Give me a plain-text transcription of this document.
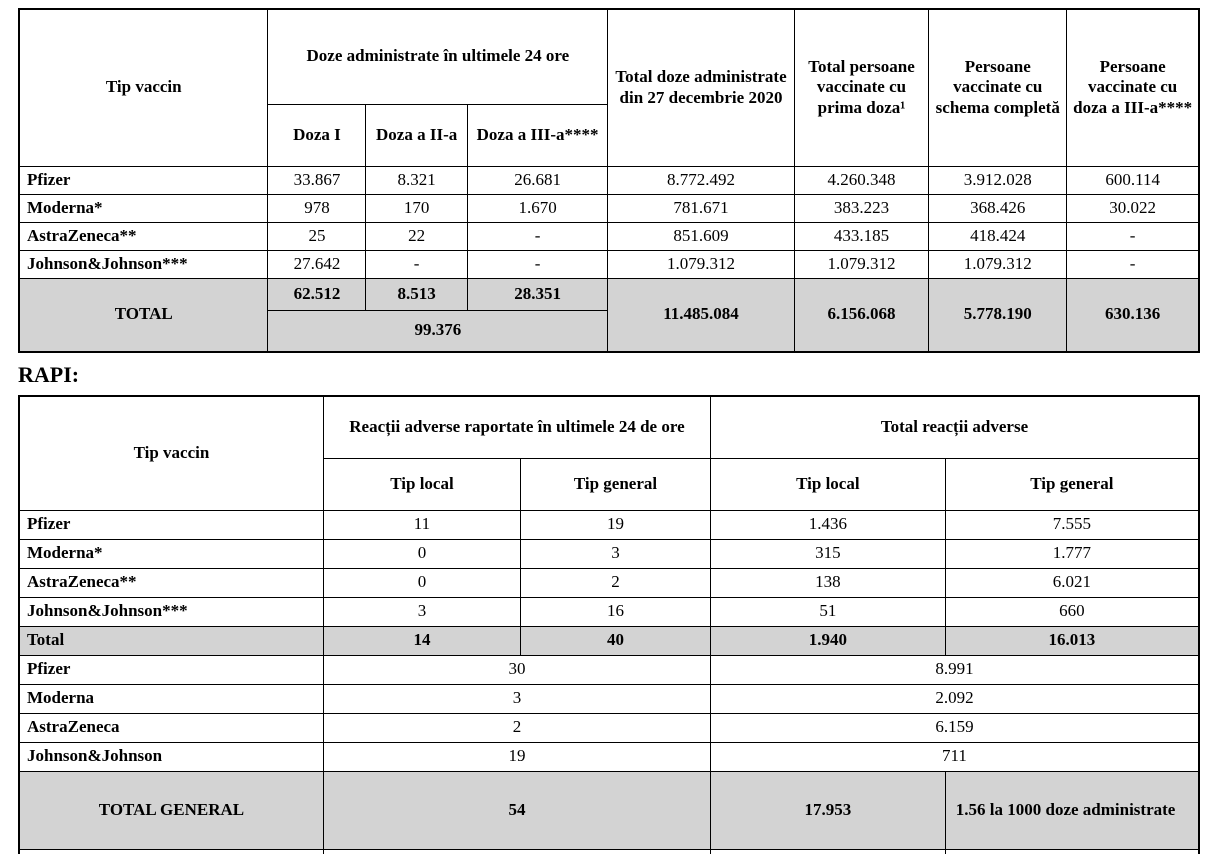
Tip vaccin	Doze administrate în ultimele 24 ore			Total doze administrate din 27 decembrie 2020	Total persoane vaccinate cu prima doza¹	Persoane vaccinate cu schema completă	Persoane vaccinate cu doza a III-a****
	Doza I	Doza a II-a	Doza a III-a****				
Pfizer	33.867	8.321	26.681	8.772.492	4.260.348	3.912.028	600.114
Moderna*	978	170	1.670	781.671	383.223	368.426	30.022
AstraZeneca**	25	22	-	851.609	433.185	418.424	-
Johnson&Johnson***	27.642	-	-	1.079.312	1.079.312	1.079.312	-
TOTAL	62.512	8.513	28.351	11.485.084	6.156.068	5.778.190	630.136
	99.376						
RAPI:
Tip vaccin	Reacții adverse raportate în ultimele 24 de ore		Total reacții adverse	
	Tip local	Tip general	Tip local	Tip general
Pfizer	11	19	1.436	7.555
Moderna*	0	3	315	1.777
AstraZeneca**	0	2	138	6.021
Johnson&Johnson***	3	16	51	660
Total	14	40	1.940	16.013
Pfizer	30		8.991	
Moderna	3		2.092	
AstraZeneca	2		6.159	
Johnson&Johnson	19		711	
TOTAL GENERAL	54		17.953	1.56 la 1000 doze administrate
